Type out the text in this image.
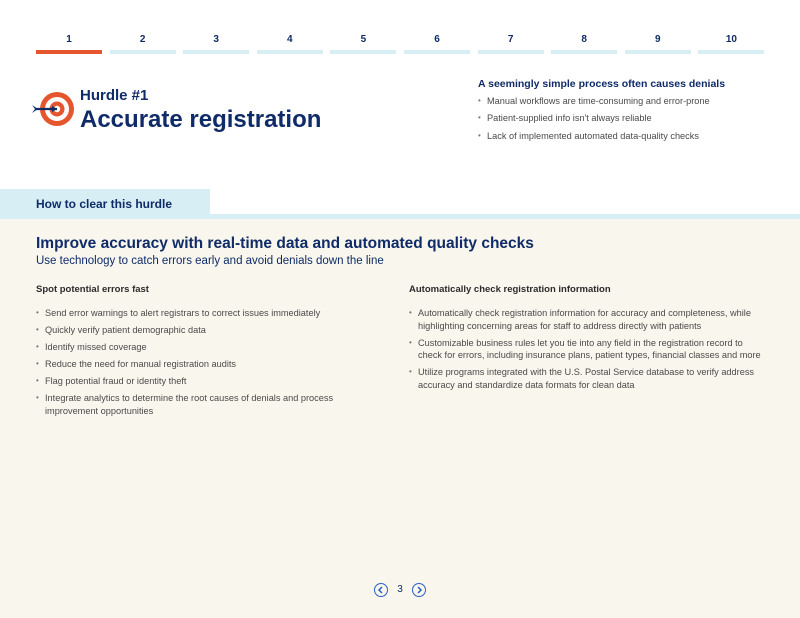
1	2	3	4	5	6	7	8	9	10
Hurdle #1
Accurate registration
A seemingly simple process often causes denials
• Manual workflows are time-consuming and error-prone
• Patient-supplied info isn't always reliable
• Lack of implemented automated data-quality checks
How to clear this hurdle
Improve accuracy with real-time data and automated quality checks
Use technology to catch errors early and avoid denials down the line
Spot potential errors fast
• Send error warnings to alert registrars to correct issues immediately
• Quickly verify patient demographic data
• Identify missed coverage
• Reduce the need for manual registration audits
• Flag potential fraud or identity theft
• Integrate analytics to determine the root causes of denials and process improvement opportunities
Automatically check registration information
• Automatically check registration information for accuracy and completeness, while highlighting concerning areas for staff to address directly with patients
• Customizable business rules let you tie into any field in the registration record to check for errors, including insurance plans, patient types, financial classes and more
• Utilize programs integrated with the U.S. Postal Service database to verify address accuracy and standardize data formats for clean data
3
